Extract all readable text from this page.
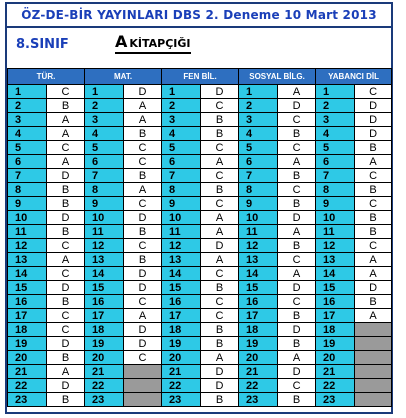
ÖZ-DE-BİR YAYINLARI DBS 2. Deneme 10 Mart 2013
8.SINIF	A KİTAPÇIĞI
TÜR.		MAT.		FEN BİL.		SOSYAL BİLG.		YABANCI DİL	
1	C	1	D	1	D	1	A	1	C
2	B	2	A	2	C	2	D	2	D
3	A	3	A	3	B	3	C	3	D
4	A	4	B	4	B	4	B	4	D
5	C	5	C	5	C	5	C	5	B
6	A	6	C	6	A	6	A	6	A
7	D	7	B	7	C	7	B	7	C
8	B	8	A	8	B	8	C	8	B
9	B	9	C	9	C	9	B	9	C
10	D	10	D	10	A	10	D	10	B
11	B	11	B	11	A	11	A	11	B
12	C	12	C	12	D	12	B	12	C
13	A	13	B	13	A	13	C	13	A
14	C	14	D	14	C	14	A	14	A
15	D	15	D	15	B	15	D	15	D
16	B	16	C	16	C	16	C	16	B
17	C	17	A	17	C	17	B	17	A
18	C	18	D	18	B	18	D	18	
19	D	19	D	19	B	19	B	19	
20	B	20	C	20	A	20	A	20	
21	A	21		21	D	21	D	21	
22	D	22		22	D	22	C	22	
23	B	23		23	B	23	B	23	
